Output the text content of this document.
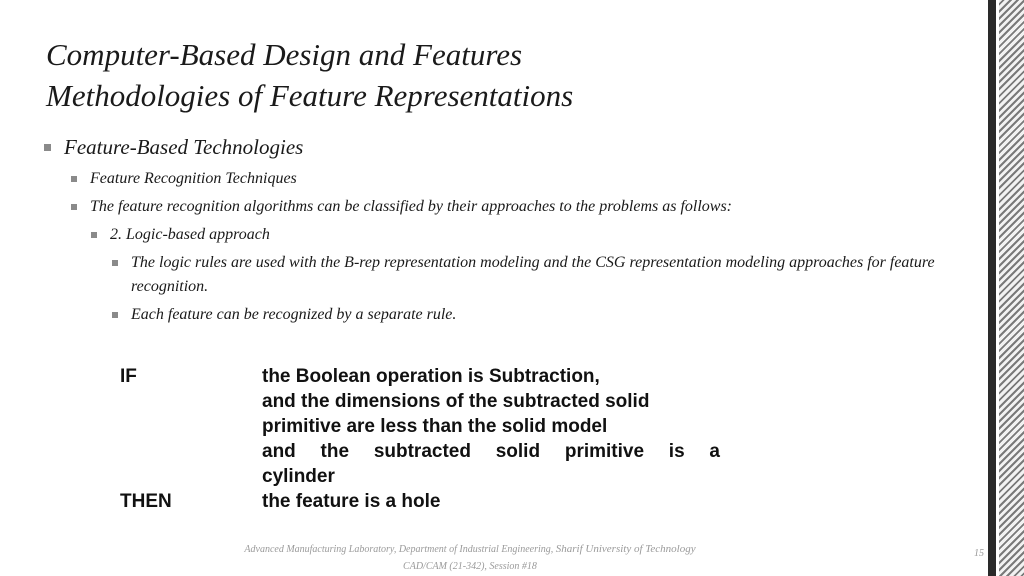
Computer-Based Design and Features
Methodologies of Feature Representations
Feature-Based Technologies
Feature Recognition Techniques
The feature recognition algorithms can be classified by their approaches to the problems as follows:
2. Logic-based approach
The logic rules are used with the B-rep representation modeling and the CSG representation modeling approaches for feature recognition.
Each feature can be recognized by a separate rule.
IF	the Boolean operation is Subtraction,
and the dimensions of the subtracted solid
primitive are less than the solid model
and the subtracted solid primitive is a
cylinder
THEN	the feature is a hole
Advanced Manufacturing Laboratory, Department of Industrial Engineering, Sharif University of Technology
CAD/CAM (21-342), Session #18
15
